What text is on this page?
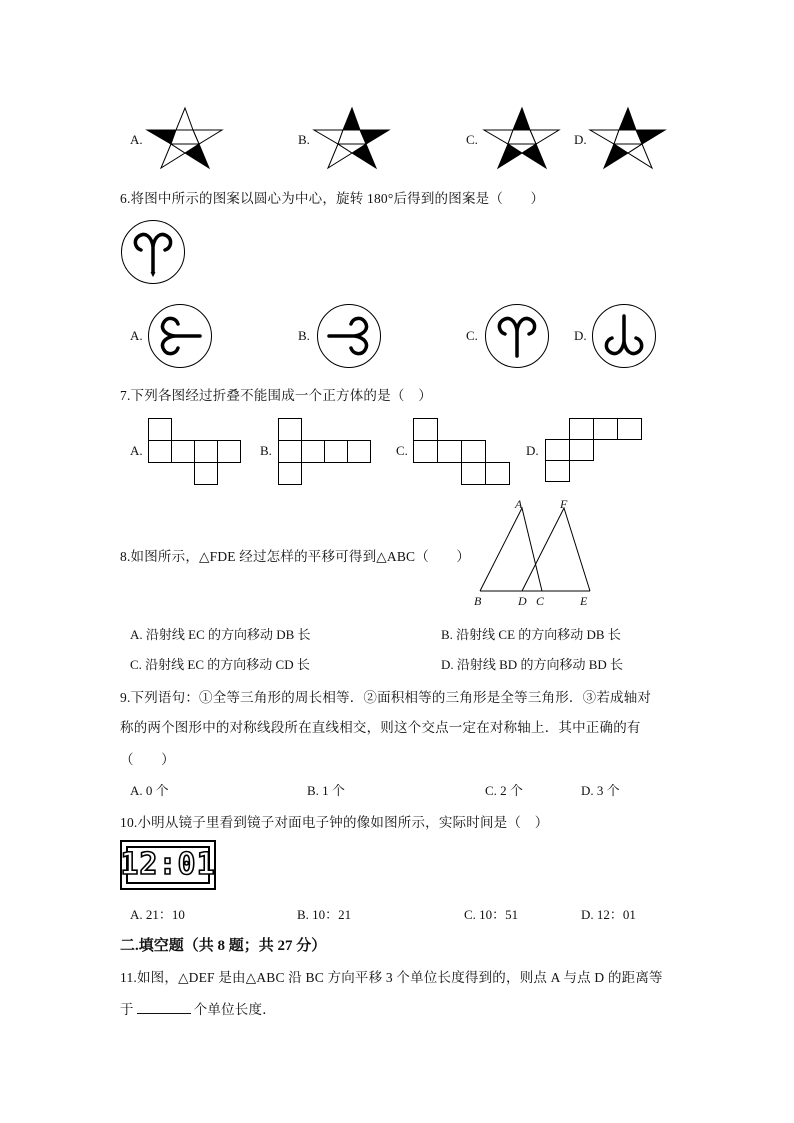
A.	B.	C.	D.
6.将图中所示的图案以圆心为中心，旋转 180°后得到的图案是（　　）
A.	B.	C.	D.
7.下列各图经过折叠不能围成一个正方体的是（　）
A.	B.	C.	D.
8.如图所示，△FDE 经过怎样的平移可得到△ABC（　　）
A	F
B	D C	E
A. 沿射线 EC 的方向移动 DB 长	B. 沿射线 CE 的方向移动 DB 长
C. 沿射线 EC 的方向移动 CD 长	D. 沿射线 BD 的方向移动 BD 长
9.下列语句：①全等三角形的周长相等．②面积相等的三角形是全等三角形．③若成轴对
称的两个图形中的对称线段所在直线相交，则这个交点一定在对称轴上．其中正确的有
（　　）
A. 0 个	B. 1 个	C. 2 个	D. 3 个
10.小明从镜子里看到镜子对面电子钟的像如图所示，实际时间是（　）
12:01
A. 21：10	B. 10：21	C. 10：51	D. 12：01
二.填空题（共 8 题；共 27 分）
11.如图，△DEF 是由△ABC 沿 BC 方向平移 3 个单位长度得到的，则点 A 与点 D 的距离等
于	个单位长度．
